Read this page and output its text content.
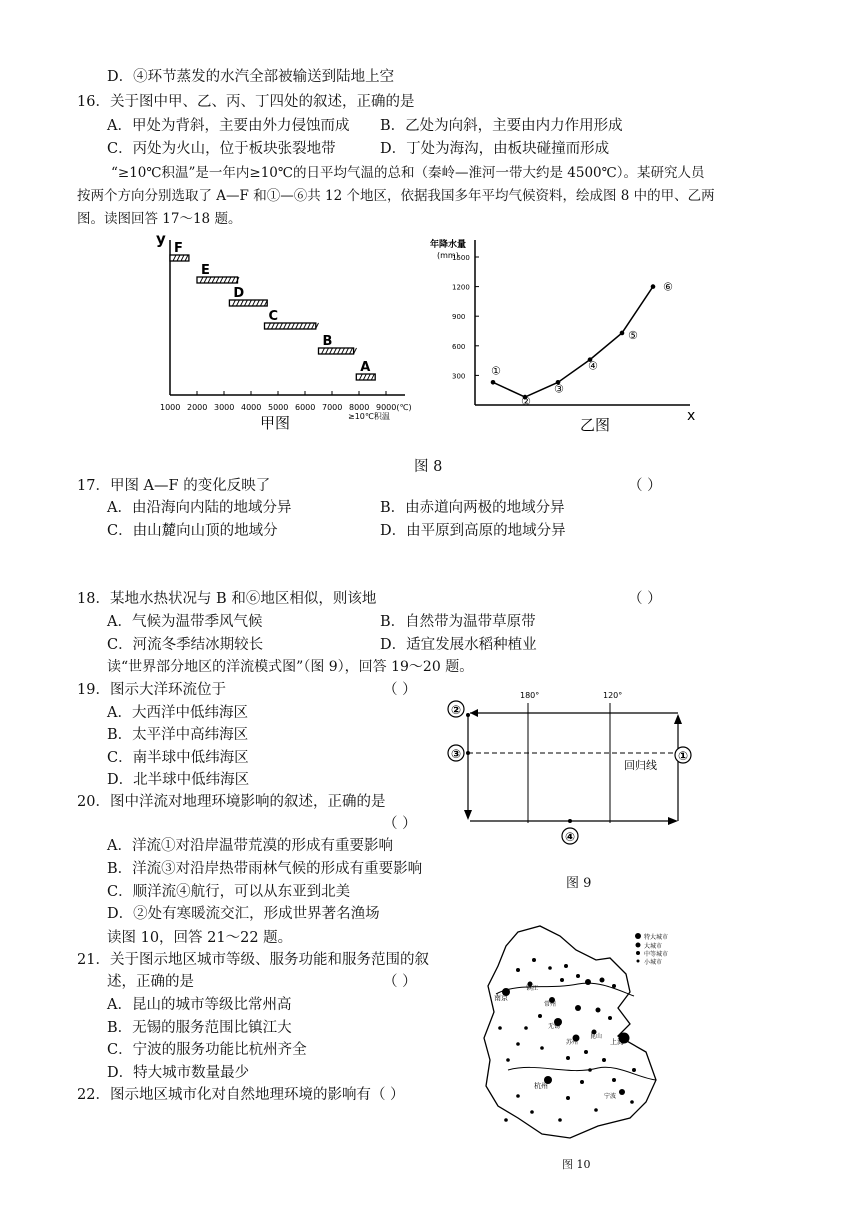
D．④环节蒸发的水汽全部被输送到陆地上空
16．关于图中甲、乙、丙、丁四处的叙述，正确的是
A．甲处为背斜，主要由外力侵蚀而成 B．乙处为向斜，主要由内力作用形成
C．丙处为火山，位于板块张裂地带	D．丁处为海沟，由板块碰撞而形成
“≥10℃积温”是一年内≥10℃的日平均气温的总和（秦岭—淮河一带大约是 4500℃）。某研究人员
按两个方向分别选取了 A—F 和①—⑥共 12 个地区，依据我国多年平均气候资料，绘成图 8 中的甲、乙两
图。读图回答 17～18 题。
y
1000 2000 3000 4000 5000 6000 7000 8000 9000(℃)
F
E
D
C
B
A
≥10℃积温
甲图
年降水量
(mm)
x
300
600
900
1200
1500
①
②
③
④
⑤
⑥
乙图
图 8
17．甲图 A—F 的变化反映了	（ ）
A．由沿海向内陆的地域分异	B．由赤道向两极的地域分异
C．由山麓向山顶的地域分	D．由平原到高原的地域分异
18．某地水热状况与 B 和⑥地区相似，则该地	（ ）
A．气候为温带季风气候	B．自然带为温带草原带
C．河流冬季结冰期较长	D．适宜发展水稻种植业
读“世界部分地区的洋流模式图”（图 9），回答 19～20 题。
19．图示大洋环流位于	（ ）
A．大西洋中低纬海区
B．太平洋中高纬海区
C．南半球中低纬海区
D．北半球中低纬海区
20．图中洋流对地理环境影响的叙述，正确的是
（ ）
A．洋流①对沿岸温带荒漠的形成有重要影响
B．洋流③对沿岸热带雨林气候的形成有重要影响
C．顺洋流④航行，可以从东亚到北美
D．②处有寒暖流交汇，形成世界著名渔场
180°	120°
②
③	①
④
回归线
图 9
读图 10，回答 21～22 题。
21．关于图示地区城市等级、服务功能和服务范围的叙
述，正确的是	（ ）
A．昆山的城市等级比常州高
B．无锡的服务范围比镇江大
C．宁波的服务功能比杭州齐全
D．特大城市数量最少
22．图示地区城市化对自然地理环境的影响有（ ）
特大城市
大城市
中等城市
小城市
南京
镇江
常州
无锡
苏州
昆山
上海
杭州
宁波
图 10
